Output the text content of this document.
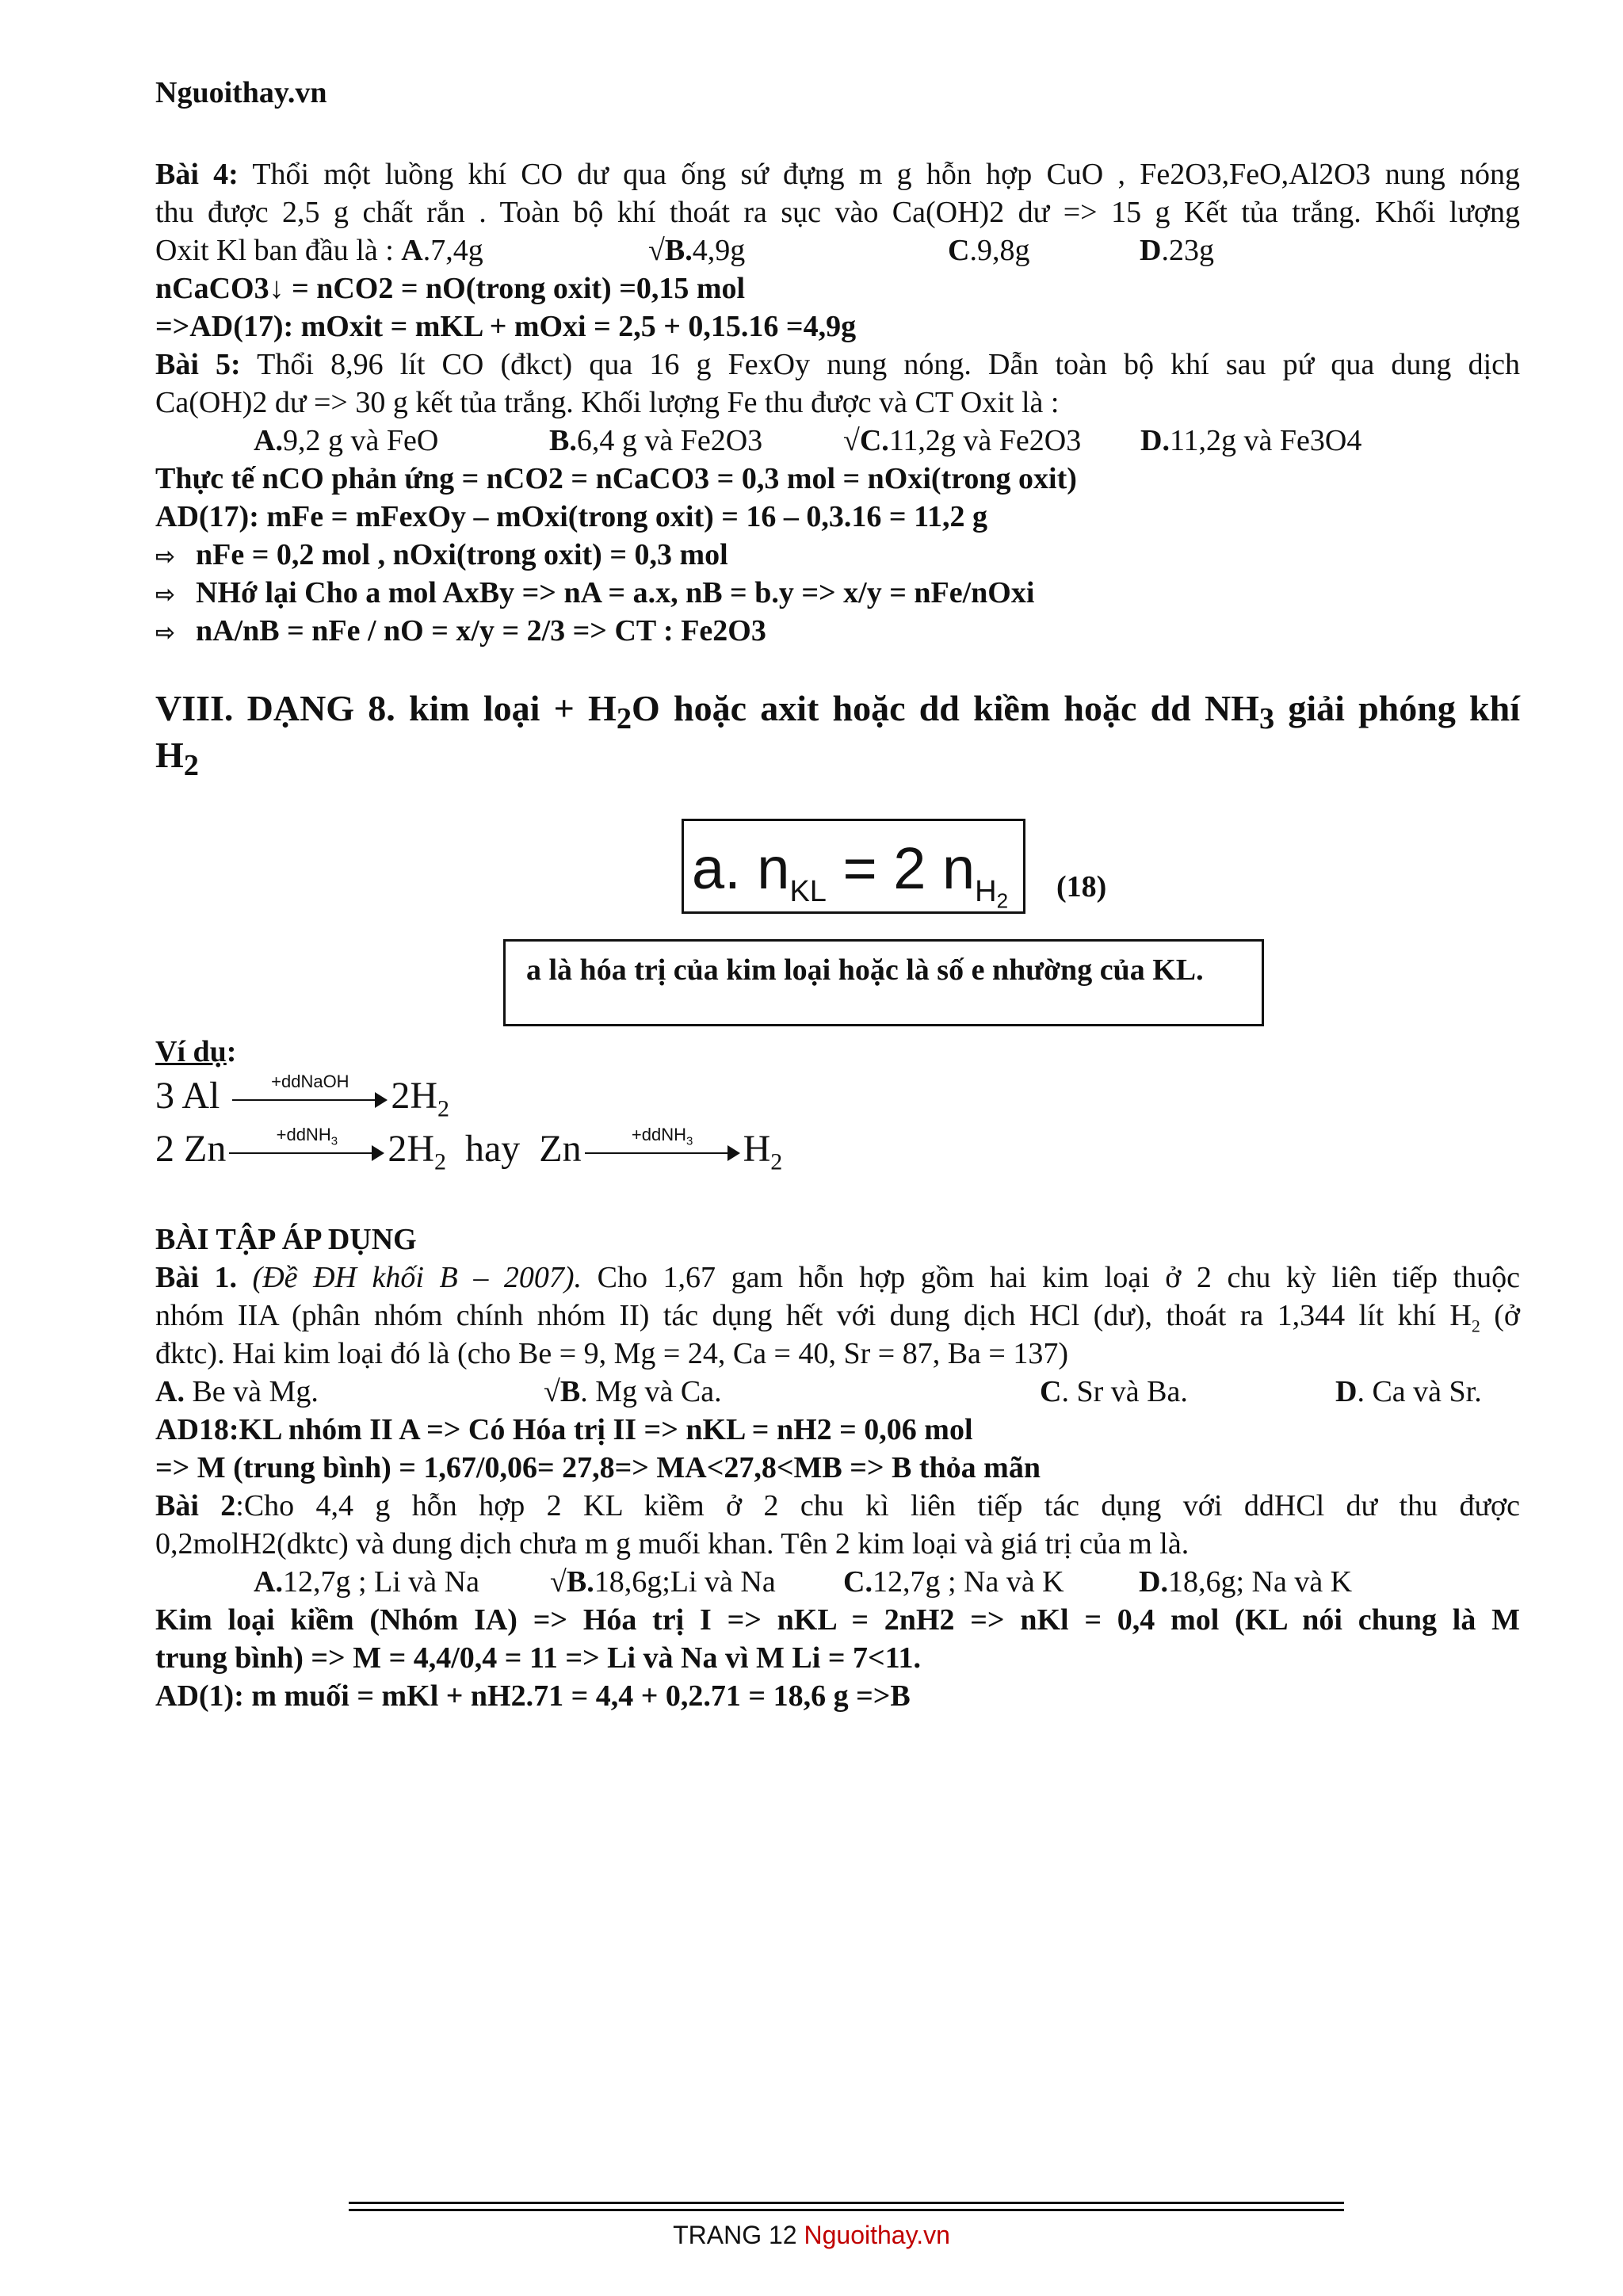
Nguoithay.vn
Bài 4: Thổi một luồng khí CO dư qua ống sứ đựng m g hỗn hợp CuO , Fe2O3,FeO,Al2O3 nung nóng
thu được 2,5 g chất rắn . Toàn bộ khí thoát ra sục vào Ca(OH)2 dư => 15 g Kết tủa trắng. Khối lượng
Oxit Kl ban đầu là : A.7,4g	√B.4,9g	C.9,8g	D.23g
nCaCO3↓ = nCO2 = nO(trong oxit) =0,15 mol
=>AD(17): mOxit = mKL + mOxi = 2,5 + 0,15.16 =4,9g
Bài 5: Thổi 8,96 lít CO (đkct) qua 16 g FexOy nung nóng. Dẫn toàn bộ khí sau pứ qua dung dịch
Ca(OH)2 dư => 30 g kết tủa trắng. Khối lượng Fe thu được và CT Oxit là :
A.9,2 g và FeO	B.6,4 g và Fe2O3	√C.11,2g và Fe2O3 D.11,2g và Fe3O4
Thực tế nCO phản ứng = nCO2 = nCaCO3 = 0,3 mol = nOxi(trong oxit)
AD(17): mFe = mFexOy – mOxi(trong oxit) = 16 – 0,3.16 = 11,2 g
⇨ nFe = 0,2 mol , nOxi(trong oxit) = 0,3 mol
⇨ NHớ lại Cho a mol AxBy => nA = a.x, nB = b.y => x/y = nFe/nOxi
⇨ nA/nB = nFe / nO = x/y = 2/3 => CT : Fe2O3
VIII. DẠNG 8. kim loại + $H_2O$ hoặc axit hoặc dd kiềm hoặc dd $NH_3$ giải phóng khí
$H_2$
a. $n_{KL} = 2$ $n_{H_2}$	(18)
a là hóa trị của kim loại hoặc là số e nhường của KL.
Ví dụ:
3 Al	+ddNaOH	$2H_2$
2 Zn	+ddNH$_3$	$2H_2$  hay  Zn	+ddNH$_3$	$H_2$
BÀI TẬP ÁP DỤNG
Bài 1. (Đề ĐH khối B – 2007). Cho 1,67 gam hỗn hợp gồm hai kim loại ở 2 chu kỳ liên tiếp thuộc
nhóm IIA (phân nhóm chính nhóm II) tác dụng hết với dung dịch HCl (dư), thoát ra 1,344 lít khí $H_2$ (ở
đktc). Hai kim loại đó là (cho Be = 9, Mg = 24, Ca = 40, Sr = 87, Ba = 137)
A. Be và Mg.	√B. Mg và Ca.	C. Sr và Ba.	D. Ca và Sr.
AD18:KL nhóm II A => Có Hóa trị II => nKL = nH2 = 0,06 mol
=> M (trung bình) = 1,67/0,06= 27,8=> MA<27,8<MB => B thỏa mãn
Bài 2:Cho 4,4 g hỗn hợp 2 KL kiềm ở 2 chu kì liên tiếp tác dụng với ddHCl dư thu được
0,2molH2(dktc) và dung dịch chưa m g muối khan. Tên 2 kim loại và giá trị của m là.
A.12,7g ; Li và Na √B.18,6g;Li và Na C.12,7g ; Na và K D.18,6g; Na và K
Kim loại kiềm (Nhóm IA) => Hóa trị I => nKL = 2nH2 => nKl = 0,4 mol (KL nói chung là M
trung bình) => M = 4,4/0,4 = 11 => Li và Na vì M Li = 7<11.
AD(1): m muối = mKl + nH2.71 = 4,4 + 0,2.71 = 18,6 g =>B
TRANG 12 Nguoithay.vn
